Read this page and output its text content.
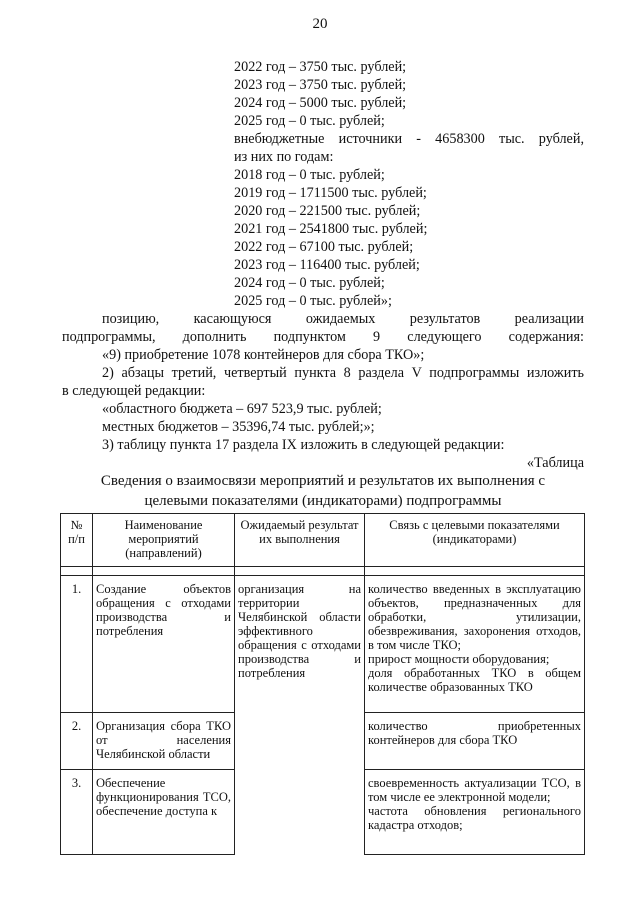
20
2022 год – 3750 тыс. рублей;
2023 год – 3750 тыс. рублей;
2024 год – 5000 тыс. рублей;
2025 год – 0 тыс. рублей;
внебюджетные источники - 4658300 тыс. рублей,
из них по годам:
2018 год – 0 тыс. рублей;
2019 год – 1711500 тыс. рублей;
2020 год – 221500 тыс. рублей;
2021 год – 2541800 тыс. рублей;
2022 год – 67100 тыс. рублей;
2023 год – 116400 тыс. рублей;
2024 год – 0 тыс. рублей;
2025 год – 0 тыс. рублей»;
позицию, касающуюся ожидаемых результатов реализации
подпрограммы, дополнить подпунктом 9 следующего содержания:
«9) приобретение 1078 контейнеров для сбора ТКО»;
2) абзацы третий, четвертый пункта 8 раздела V подпрограммы изложить
в следующей редакции:
«областного бюджета – 697 523,9 тыс. рублей;
местных бюджетов – 35396,74 тыс. рублей;»;
3) таблицу пункта 17 раздела IX изложить в следующей редакции:
«Таблица
Сведения о взаимосвязи мероприятий и результатов их выполнения с
целевыми показателями (индикаторами) подпрограммы
№ п/п	Наименование мероприятий (направлений)	Ожидаемый результат их выполнения	Связь с целевыми показателями (индикаторами)

1.	Создание объектов обращения с отходами производства и потребления	организация на территории Челябинской области эффективного обращения с отходами производства и потребления	количество введенных в эксплуатацию объектов, предназначенных для обработки, утилизации, обезвреживания, захоронения отходов, в том числе ТКО;
прирост мощности оборудования;
доля обработанных ТКО в общем количестве образованных ТКО

2.	Организация сбора ТКО от населения Челябинской области		количество приобретенных контейнеров для сбора ТКО
3.	Обеспечение функционирования ТСО, обеспечение доступа к		своевременность актуализации ТСО, в том числе ее электронной модели;
частота обновления регионального кадастра отходов;
